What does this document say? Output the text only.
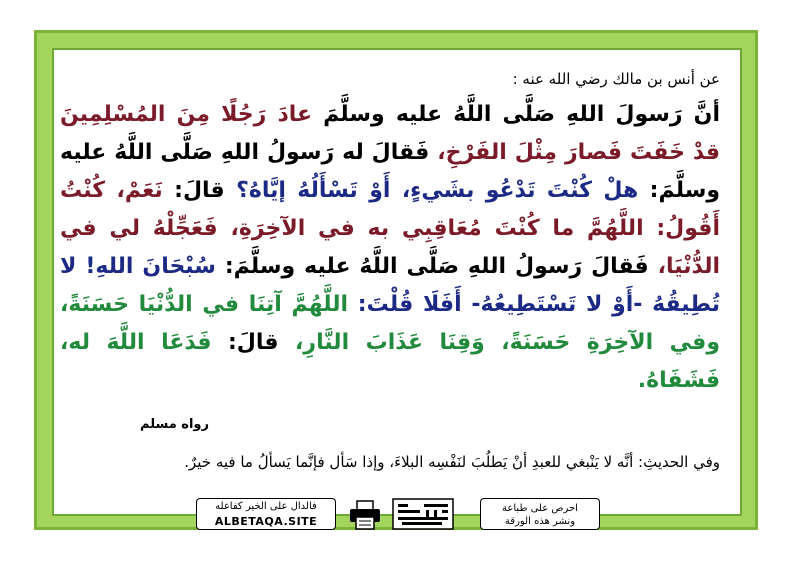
عن أنس بن مالك رضي الله عنه :
أنَّ رَسولَ اللهِ صَلَّى اللَّهُ عليه وسلَّمَ عادَ رَجُلًا مِنَ المُسْلِمِينَ قدْ خَفَتَ فَصارَ مِثْلَ الفَرْخِ، فَقالَ له رَسولُ اللهِ صَلَّى اللَّهُ عليه وسلَّمَ: هلْ كُنْتَ تَدْعُو بشَيءٍ، أَوْ تَسْأَلُهُ إيَّاهُ؟ قالَ: نَعَمْ، كُنْتُ أَقُولُ: اللَّهُمَّ ما كُنْتَ مُعَاقِبِي به في الآخِرَةِ، فَعَجِّلْهُ لي في الدُّنْيَا، فَقالَ رَسولُ اللهِ صَلَّى اللَّهُ عليه وسلَّمَ: سُبْحَانَ اللهِ! لا تُطِيقُهُ -أَوْ لا تَسْتَطِيعُهُ- أَفَلَا قُلْتَ: اللَّهُمَّ آتِنَا في الدُّنْيَا حَسَنَةً، وفي الآخِرَةِ حَسَنَةً، وَقِنَا عَذَابَ النَّارِ، قالَ: فَدَعَا اللَّهَ له، فَشَفَاهُ.
رواه مسلم
وفي الحديثِ: أنَّه لا يَنْبغي للعبدِ أنْ يَطلُبَ لنَفْسِه البلاءَ، وإذا سَأل فإنَّما يَسألُ ما فيه خيرٌ.
فالدال على الخير كفاعله
ALBETAQA.SITE
احرص على طباعة
ونشر هذه الورقة
